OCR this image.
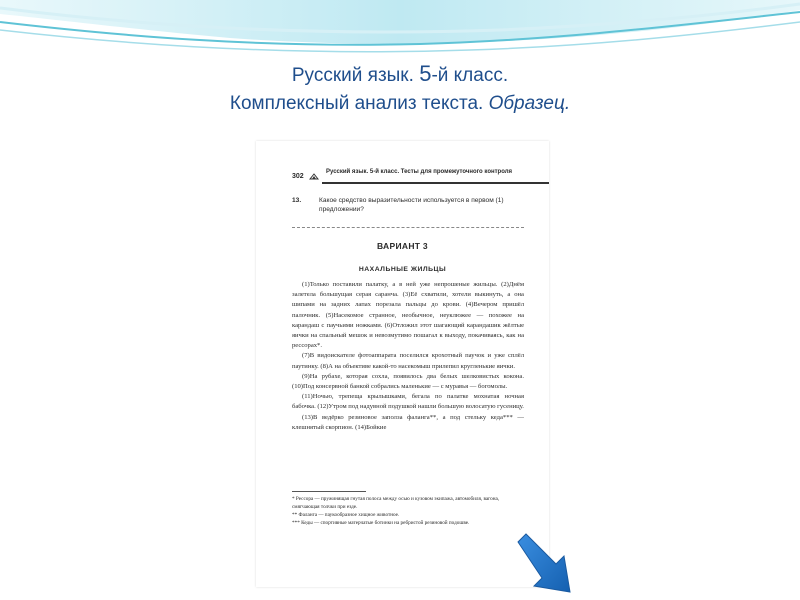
Русский язык. 5-й класс.
Комплексный анализ текста. Образец.
302
Русский язык. 5-й класс. Тесты для промежуточного контроля
13.	Какое средство выразительности используется в первом (1) предложении?
ВАРИАНТ 3
НАХАЛЬНЫЕ ЖИЛЬЦЫ

(1)Только поставили палатку, а в ней уже непрошеные жильцы. (2)Днём залетела большущая серая саранча. (3)Её схватили, хотели выкинуть, а она шипами на задних лапах порезала пальцы до крови. (4)Вечером пришёл палочник. (5)Насекомое странное, необычное, неуклюжее — похожее на карандаш с паучьими ножками. (6)Отложил этот шагающий карандашик жёлтые яички на спальный мешок и невозмутимо пошагал к выходу, покачиваясь, как на рессорах*.

(7)В видоискателе фотоаппарата поселился крохотный паучок и уже сплёл паутинку. (8)А на объективе какой-то насекомыш прилепил кругленькие яички.

(9)На рубахе, которая сохла, появилось два белых шелковистых кокона. (10)Под консервной банкой собрались маленькие — с муравья — богомолы.

(11)Ночью, трепеща крылышками, бегала по палатке мохнатая ночная бабочка. (12)Утром под надувной подушкой нашли большую волосатую гусеницу.

(13)В ведёрко резиновое заполза фаланга**, а под стельку кеда*** — клешнятый скорпион. (14)Бойкие

* Рессора — пружинящая гнутая полоса между осью и кузовом экипажа, автомобиля, вагона, смягчающая толчки при езде.
** Фаланга — паукообразное хищное животное.
*** Кеды — спортивные матерчатые ботинки на ребристой резиновой подошве.
